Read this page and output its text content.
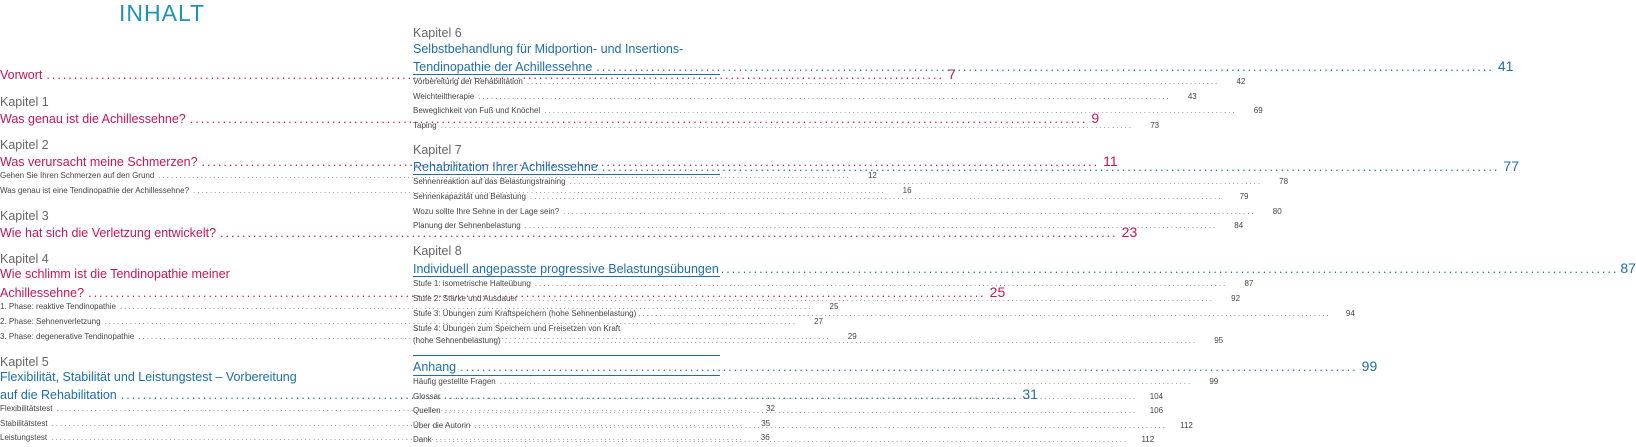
INHALT
Vorwort .....	7
Kapitel 1
Was genau ist die Achillessehne? .....	9
Kapitel 2
Was verursacht meine Schmerzen? .....	11
Gehen Sie Ihren Schmerzen auf den Grund .....	12
Was genau ist eine Tendinopathie der Achillessehne? .....	16
Kapitel 3
Wie hat sich die Verletzung entwickelt? .....	23
Kapitel 4
Wie schlimm ist die Tendinopathie meiner
Achillessehne? .....	25
1. Phase: reaktive Tendinopathie .....	25
2. Phase: Sehnenverletzung .....	27
3. Phase: degenerative Tendinopathie .....	29
Kapitel 5
Flexibilität, Stabilität und Leistungstest – Vorbereitung
auf die Rehabilitation .....	31
Flexibilitätstest .....	32
Stabilitätstest .....	35
Leistungstest .....	36
Kapitel 6
Selbstbehandlung für Midportion- und Insertions-
Tendinopathie der Achillessehne .....	41
Vorbereitung der Rehabilitation .....	42
Weichteiltherapie .....	43
Beweglichkeit von Fuß und Knöchel .....	69
Taping .....	73
Kapitel 7
Rehabilitation Ihrer Achillessehne .....	77
Sehnenreaktion auf das Belastungstraining .....	78
Sehnenkapazität und Belastung .....	79
Wozu sollte Ihre Sehne in der Lage sein? .....	80
Planung der Sehnenbelastung .....	84
Kapitel 8
Individuell angepasste progressive Belastungsübungen .....	87
Stufe 1: isometrische Halteübung .....	87
Stufe 2: Stärke und Ausdauer .....	92
Stufe 3: Übungen zum Kraftspeichern (hohe Sehnenbelastung) .....	94
Stufe 4: Übungen zum Speichern und Freisetzen von Kraft
(hohe Sehnenbelastung) .....	95
Anhang .....	99
Häufig gestellte Fragen .....	99
Glossar .....	104
Quellen .....	106
Über die Autorin .....	112
Dank .....	112
